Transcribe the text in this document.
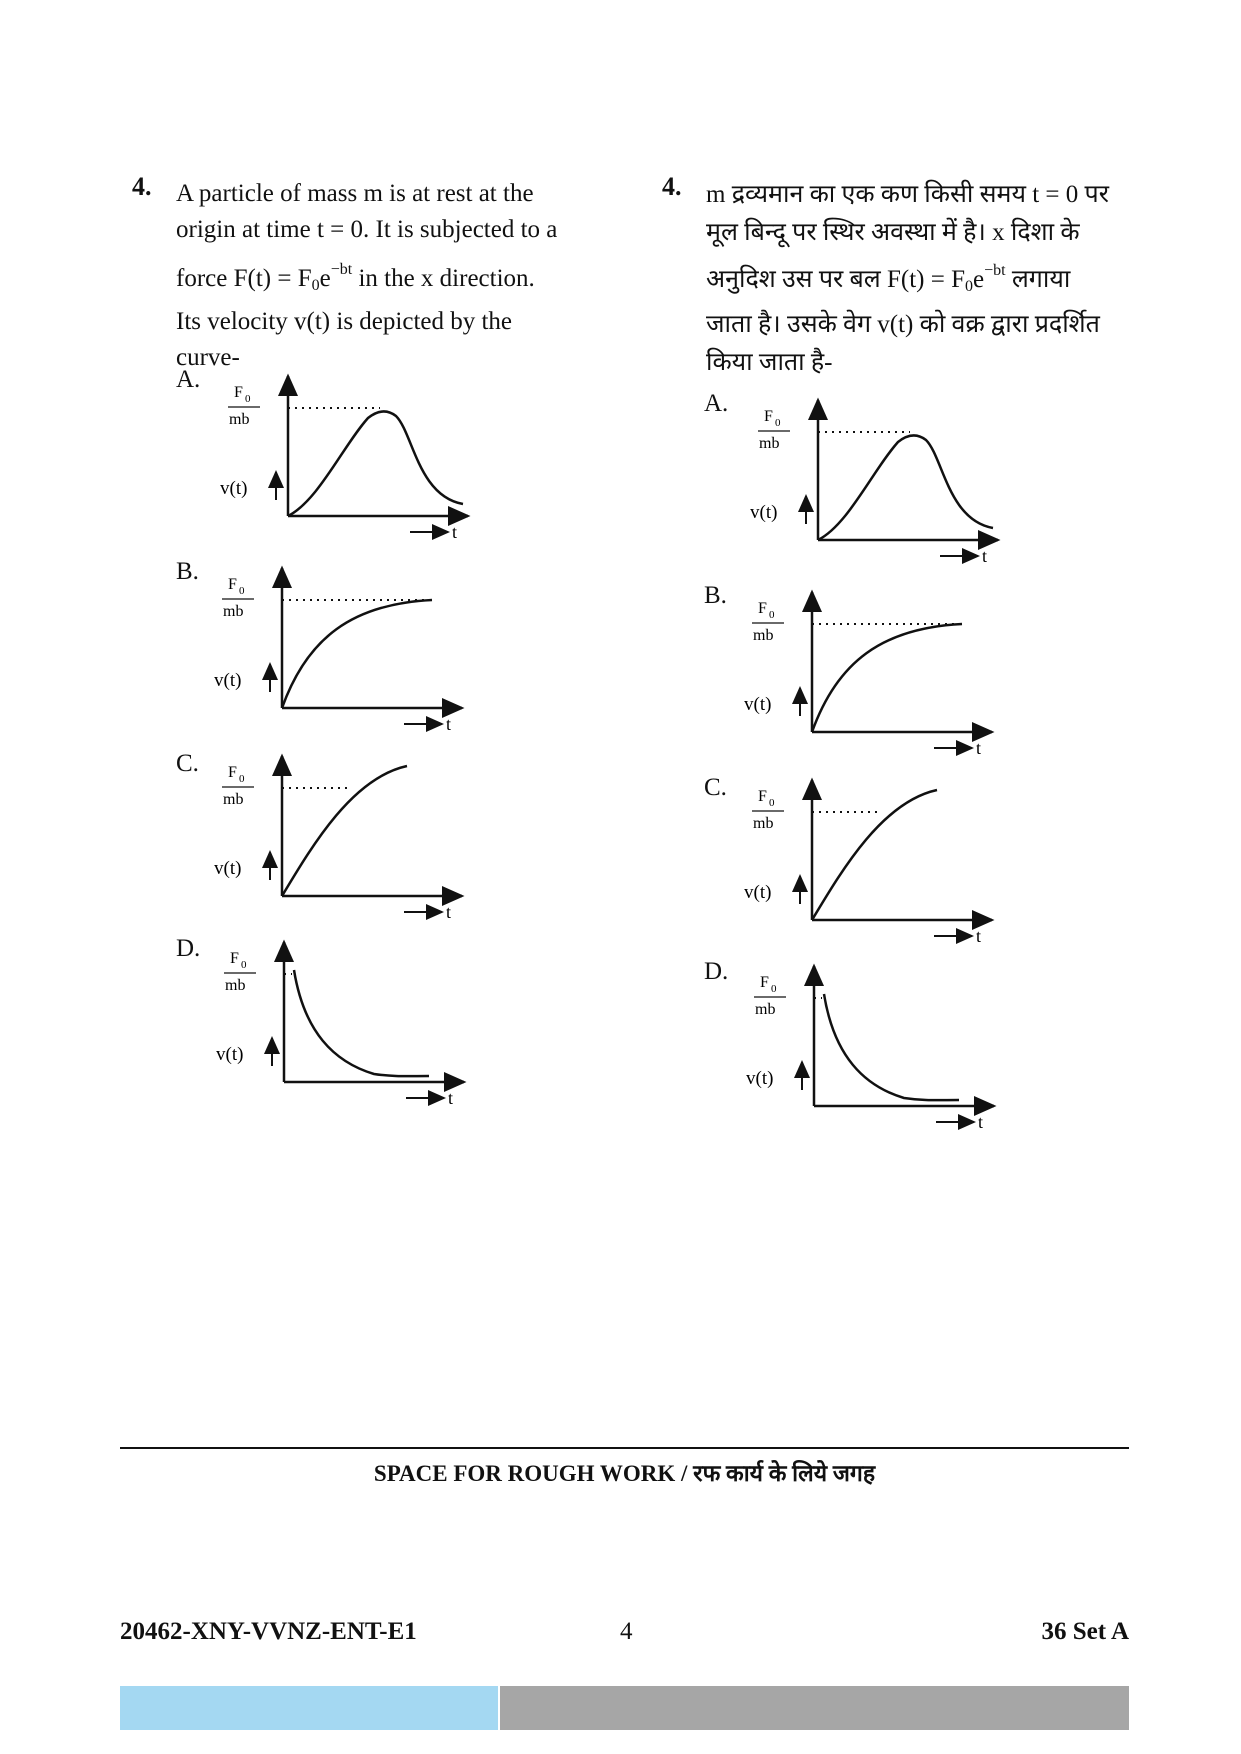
4. A particle of mass m is at rest at the
origin at time t = 0. It is subjected to a
force $F(t) = F_0e^{-bt}$ in the x direction.
Its velocity v(t) is depicted by the
curve-
4. m द्रव्यमान का एक कण किसी समय t = 0 पर
मूल बिन्दू पर स्थिर अवस्था में है। x दिशा के
अनुदिश उस पर बल $F(t) = F_0e^{-bt}$ लगाया
जाता है। उसके वेग v(t) को वक्र द्वारा प्रदर्शित
किया जाता है-
A.
B.
C.
D.
A.
B.
C.
D.
F 0
mb
v(t)
t
F 0
mb
v(t)
t
F 0
mb
v(t)
t
F 0
mb
v(t)
t
F 0
mb
v(t)
t
F 0
mb
v(t)
t
F 0
mb
v(t)
t
F 0
mb
v(t)
t
SPACE FOR ROUGH WORK / रफ कार्य के लिये जगह
20462-XNY-VVNZ-ENT-E1	4	36 Set A
